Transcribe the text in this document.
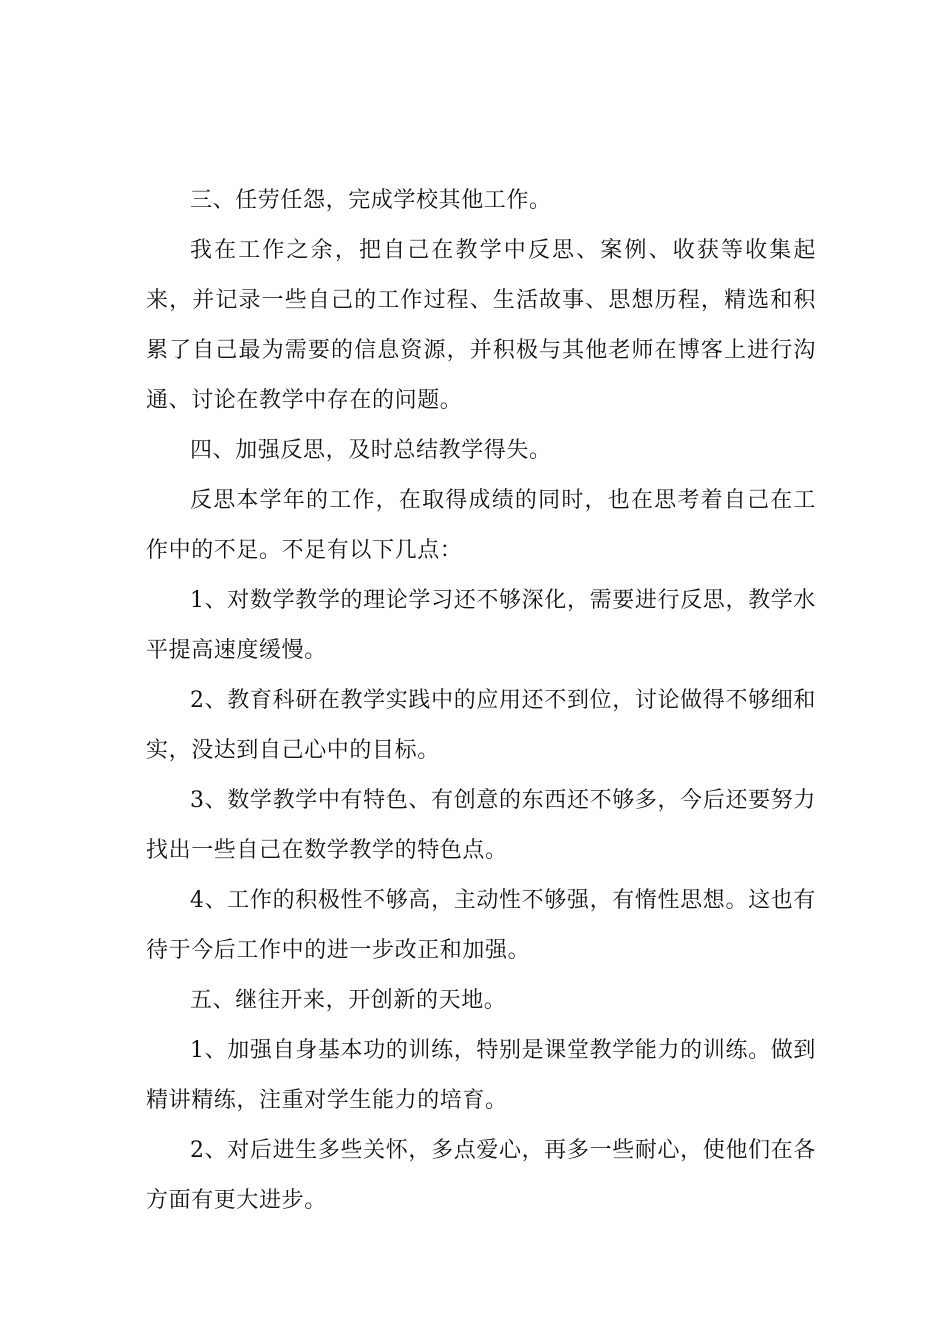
三、任劳任怨，完成学校其他工作。

我在工作之余，把自己在教学中反思、案例、收获等收集起来，并记录一些自己的工作过程、生活故事、思想历程，精选和积累了自己最为需要的信息资源，并积极与其他老师在博客上进行沟通、讨论在教学中存在的问题。

四、加强反思，及时总结教学得失。

反思本学年的工作，在取得成绩的同时，也在思考着自己在工作中的不足。不足有以下几点：

1、对数学教学的理论学习还不够深化，需要进行反思，教学水平提高速度缓慢。

2、教育科研在教学实践中的应用还不到位，讨论做得不够细和实，没达到自己心中的目标。

3、数学教学中有特色、有创意的东西还不够多，今后还要努力找出一些自己在数学教学的特色点。

4、工作的积极性不够高，主动性不够强，有惰性思想。这也有待于今后工作中的进一步改正和加强。

五、继往开来，开创新的天地。

1、加强自身基本功的训练，特别是课堂教学能力的训练。做到精讲精练，注重对学生能力的培育。

2、对后进生多些关怀，多点爱心，再多一些耐心，使他们在各方面有更大进步。
